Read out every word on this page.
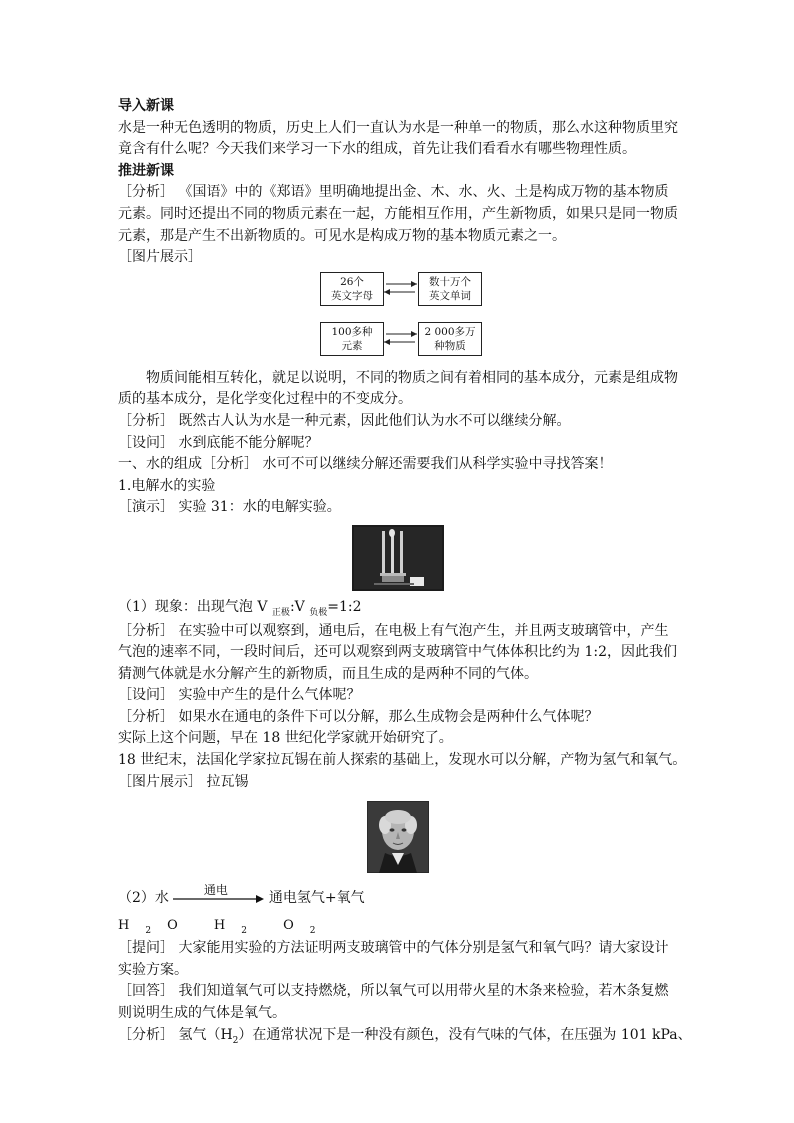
导入新课
水是一种无色透明的物质，历史上人们一直认为水是一种单一的物质，那么水这种物质里究
竟含有什么呢？今天我们来学习一下水的组成，首先让我们看看水有哪些物理性质。
推进新课
［分析］ 《国语》中的《郑语》里明确地提出金、木、水、火、土是构成万物的基本物质
元素。同时还提出不同的物质元素在一起，方能相互作用，产生新物质，如果只是同一物质
元素，那是产生不出新物质的。可见水是构成万物的基本物质元素之一。
［图片展示］
26个
英文字母
数十万个
英文单词
100多种
元素
2 000多万
种物质
物质间能相互转化，就足以说明，不同的物质之间有着相同的基本成分，元素是组成物
质的基本成分，是化学变化过程中的不变成分。
［分析］ 既然古人认为水是一种元素，因此他们认为水不可以继续分解。
［设问］ 水到底能不能分解呢？
一、水的组成［分析］ 水可不可以继续分解还需要我们从科学实验中寻找答案！
1.电解水的实验
［演示］ 实验 31：水的电解实验。
（1）现象：出现气泡 V $_{正极}$:V $_{负极}$=1:2
［分析］ 在实验中可以观察到，通电后，在电极上有气泡产生，并且两支玻璃管中，产生
气泡的速率不同，一段时间后，还可以观察到两支玻璃管中气体体积比约为 1:2，因此我们
猜测气体就是水分解产生的新物质，而且生成的是两种不同的气体。
［设问］ 实验中产生的是什么气体呢？
［分析］ 如果水在通电的条件下可以分解，那么生成物会是两种什么气体呢？
实际上这个问题，早在 18 世纪化学家就开始研究了。
18 世纪末，法国化学家拉瓦锡在前人探索的基础上，发现水可以分解，产物为氢气和氧气。
［图片展示］ 拉瓦锡
（2）水	通电	通电氢气+氧气
H $_2$ O	H $_2$	O $_2$
［提问］ 大家能用实验的方法证明两支玻璃管中的气体分别是氢气和氧气吗？请大家设计
实验方案。
［回答］ 我们知道氧气可以支持燃烧，所以氧气可以用带火星的木条来检验，若木条复燃
则说明生成的气体是氧气。
［分析］ 氢气$(H_2)$在通常状况下是一种没有颜色，没有气味的气体，在压强为 101 kPa、
